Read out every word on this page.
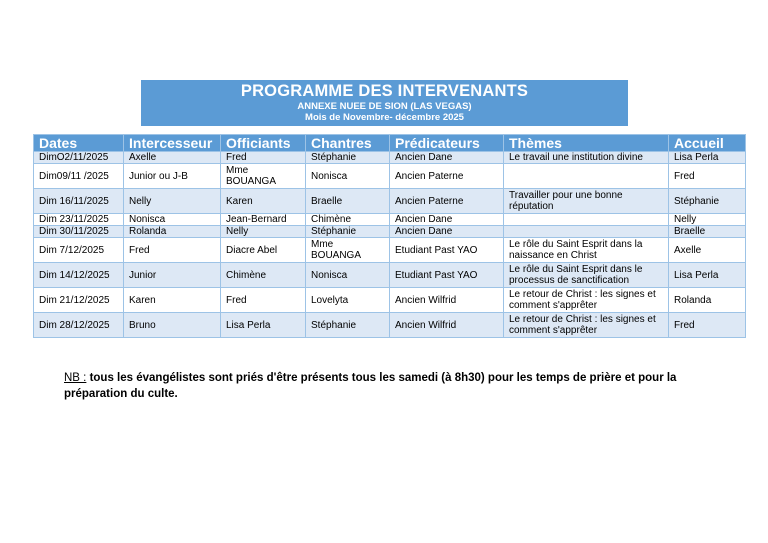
PROGRAMME DES INTERVENANTS
ANNEXE NUEE DE SION (LAS VEGAS)
Mois de Novembre- décembre 2025
Dates	Intercesseur	Officiants	Chantres	Prédicateurs	Thèmes	Accueil
DimO2/11/2025	Axelle	Fred	Stéphanie	Ancien Dane	Le travail une institution divine	Lisa Perla
Dim09/11 /2025	Junior ou J-B	Mme BOUANGA	Nonisca	Ancien Paterne		Fred
Dim 16/11/2025	Nelly	Karen	Braelle	Ancien Paterne	Travailler pour une bonne réputation	Stéphanie
Dim 23/11/2025	Nonisca	Jean-Bernard	Chimène	Ancien Dane		Nelly
Dim 30/11/2025	Rolanda	Nelly	Stéphanie	Ancien Dane		Braelle
Dim 7/12/2025	Fred	Diacre Abel	Mme BOUANGA	Etudiant Past YAO	Le rôle du Saint Esprit dans la naissance en Christ	Axelle
Dim 14/12/2025	Junior	Chimène	Nonisca	Etudiant Past YAO	Le rôle du Saint Esprit dans le processus de sanctification	Lisa Perla
Dim 21/12/2025	Karen	Fred	Lovelyta	Ancien Wilfrid	Le retour de Christ : les signes et comment s'apprêter	Rolanda
Dim 28/12/2025	Bruno	Lisa Perla	Stéphanie	Ancien Wilfrid	Le retour de Christ : les signes et comment s'apprêter	Fred
NB : tous les évangélistes sont priés d'être présents tous les samedi (à 8h30) pour les temps de prière et pour la préparation du culte.
